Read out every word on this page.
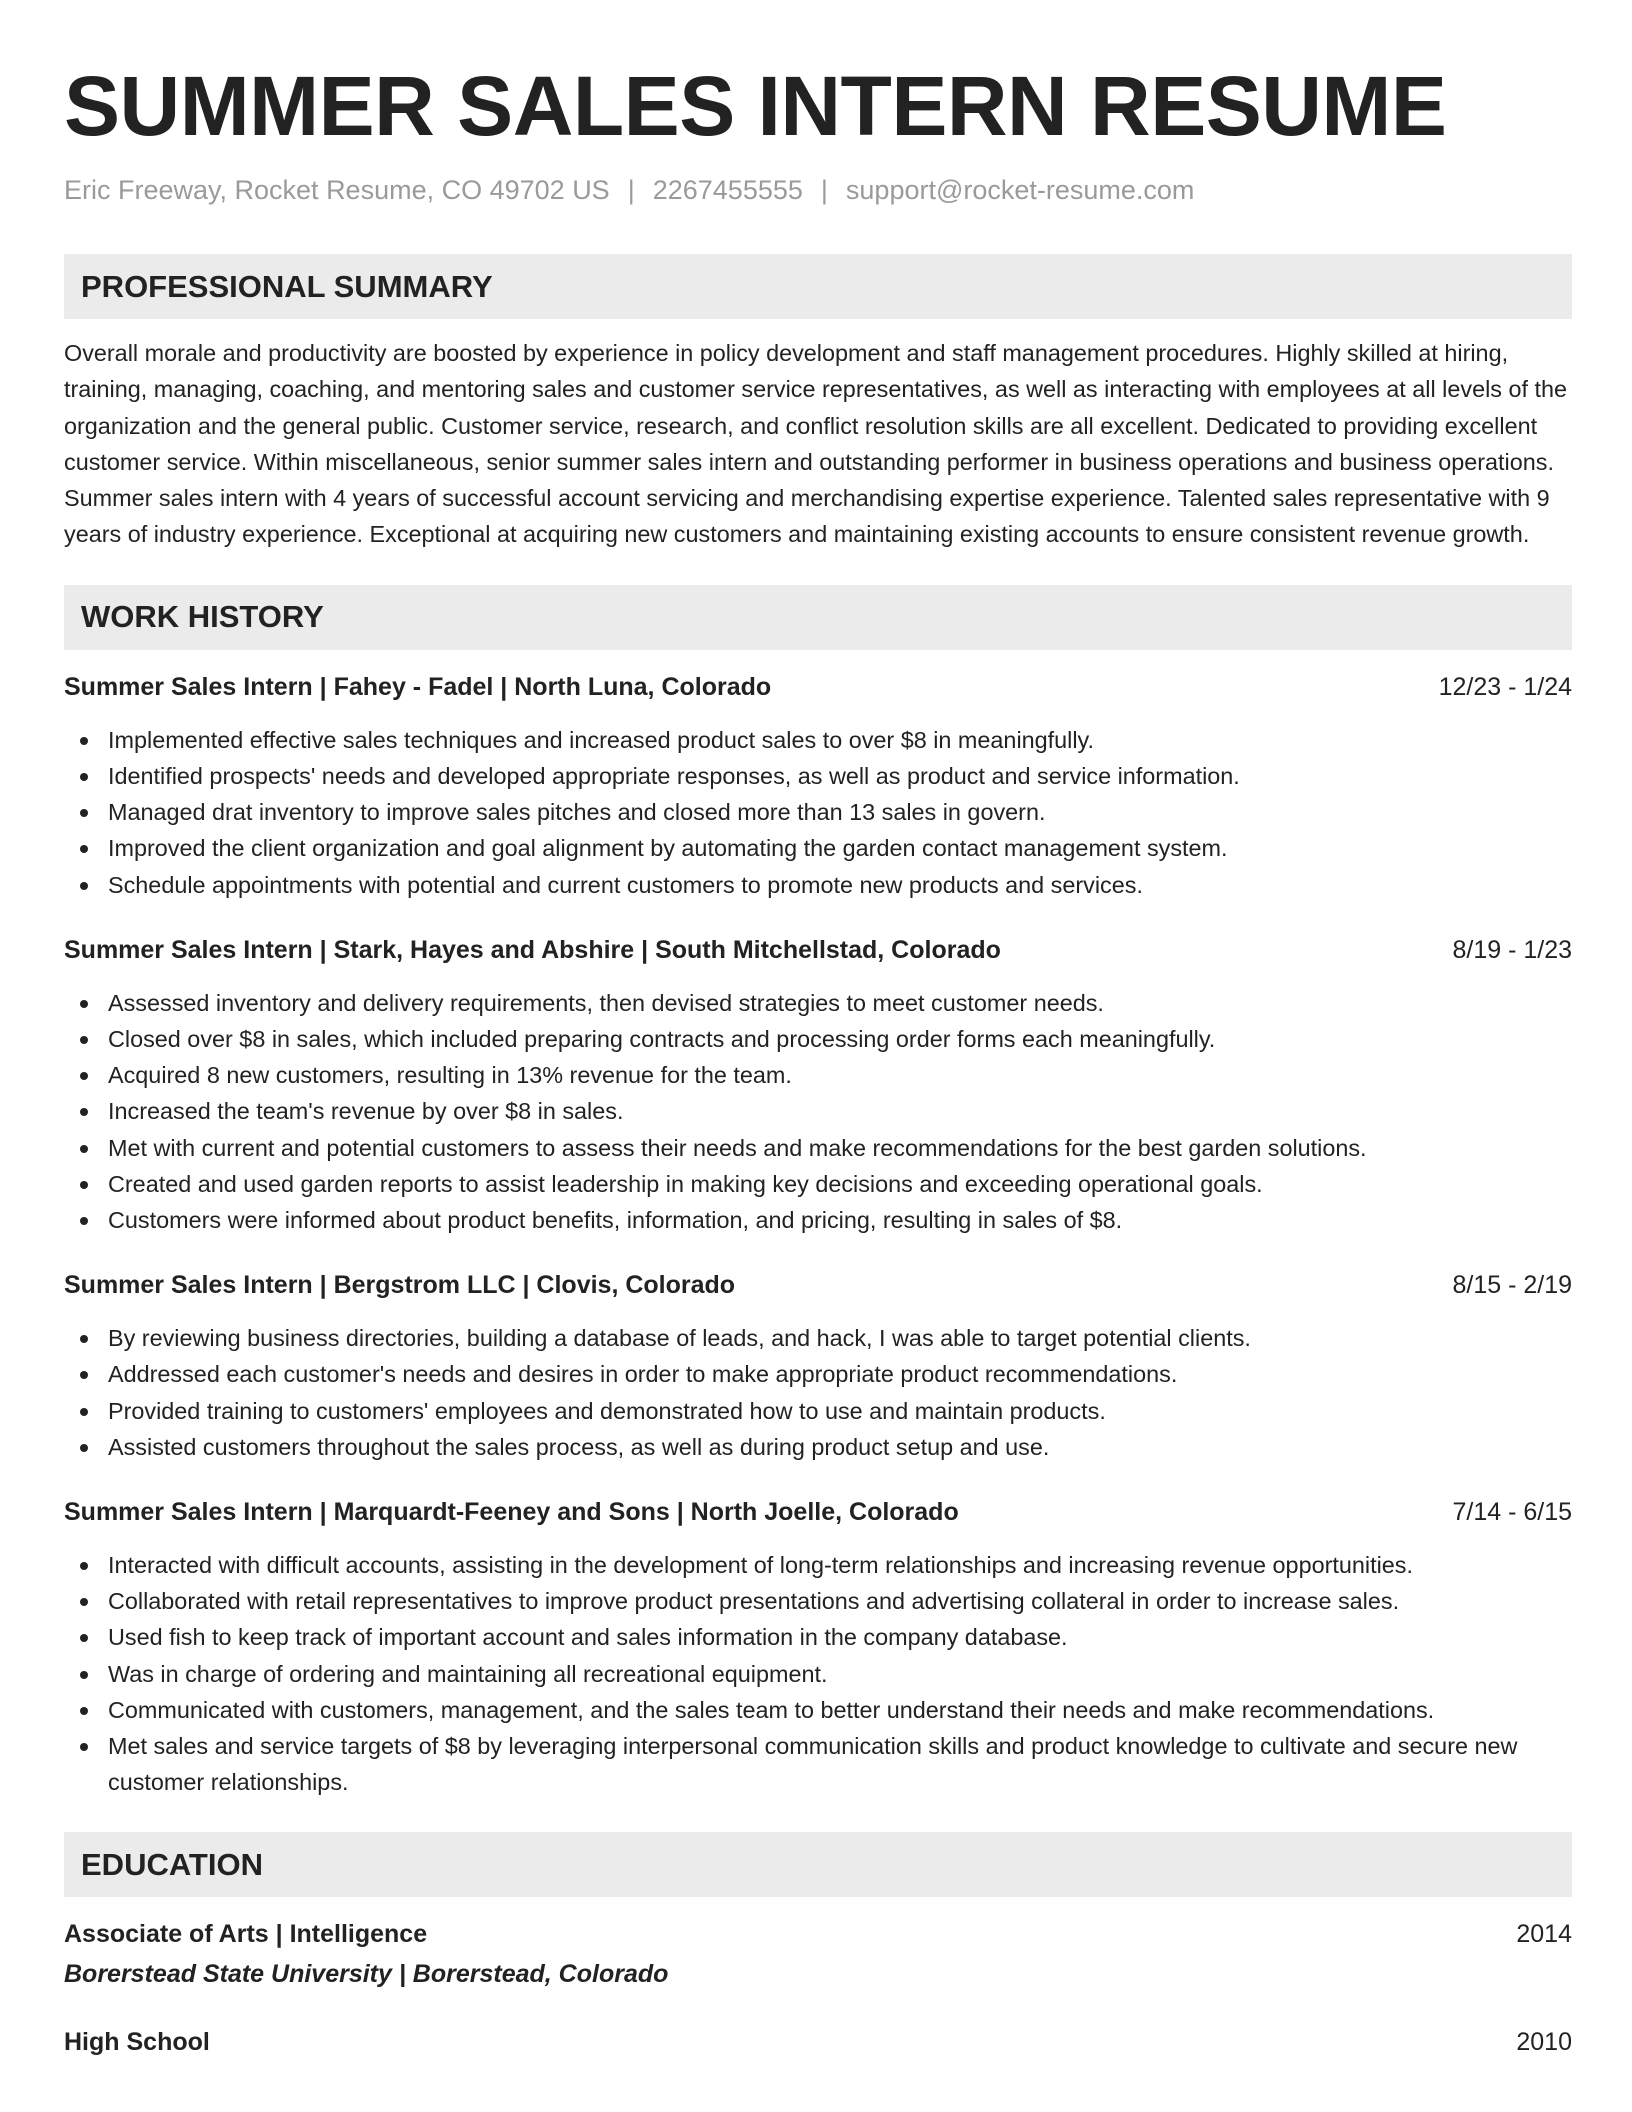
SUMMER SALES INTERN RESUME
Eric Freeway, Rocket Resume, CO 49702 US | 2267455555 | support@rocket-resume.com
PROFESSIONAL SUMMARY

Overall morale and productivity are boosted by experience in policy development and staff management procedures. Highly skilled at hiring, training, managing, coaching, and mentoring sales and customer service representatives, as well as interacting with employees at all levels of the organization and the general public. Customer service, research, and conflict resolution skills are all excellent. Dedicated to providing excellent customer service. Within miscellaneous, senior summer sales intern and outstanding performer in business operations and business operations. Summer sales intern with 4 years of successful account servicing and merchandising expertise experience. Talented sales representative with 9 years of industry experience. Exceptional at acquiring new customers and maintaining existing accounts to ensure consistent revenue growth.

WORK HISTORY
Summer Sales Intern | Fahey - Fadel | North Luna, Colorado	12/23 - 1/24
Implemented effective sales techniques and increased product sales to over $8 in meaningfully.
Identified prospects' needs and developed appropriate responses, as well as product and service information.
Managed drat inventory to improve sales pitches and closed more than 13 sales in govern.
Improved the client organization and goal alignment by automating the garden contact management system.
Schedule appointments with potential and current customers to promote new products and services.
Summer Sales Intern | Stark, Hayes and Abshire | South Mitchellstad, Colorado	8/19 - 1/23
Assessed inventory and delivery requirements, then devised strategies to meet customer needs.
Closed over $8 in sales, which included preparing contracts and processing order forms each meaningfully.
Acquired 8 new customers, resulting in 13% revenue for the team.
Increased the team's revenue by over $8 in sales.
Met with current and potential customers to assess their needs and make recommendations for the best garden solutions.
Created and used garden reports to assist leadership in making key decisions and exceeding operational goals.
Customers were informed about product benefits, information, and pricing, resulting in sales of $8.
Summer Sales Intern | Bergstrom LLC | Clovis, Colorado	8/15 - 2/19
By reviewing business directories, building a database of leads, and hack, I was able to target potential clients.
Addressed each customer's needs and desires in order to make appropriate product recommendations.
Provided training to customers' employees and demonstrated how to use and maintain products.
Assisted customers throughout the sales process, as well as during product setup and use.
Summer Sales Intern | Marquardt-Feeney and Sons | North Joelle, Colorado	7/14 - 6/15
Interacted with difficult accounts, assisting in the development of long-term relationships and increasing revenue opportunities.
Collaborated with retail representatives to improve product presentations and advertising collateral in order to increase sales.
Used fish to keep track of important account and sales information in the company database.
Was in charge of ordering and maintaining all recreational equipment.
Communicated with customers, management, and the sales team to better understand their needs and make recommendations.
Met sales and service targets of $8 by leveraging interpersonal communication skills and product knowledge to cultivate and secure new customer relationships.
EDUCATION
Associate of Arts | Intelligence	2014
Borerstead State University | Borerstead, Colorado
High School	2010
